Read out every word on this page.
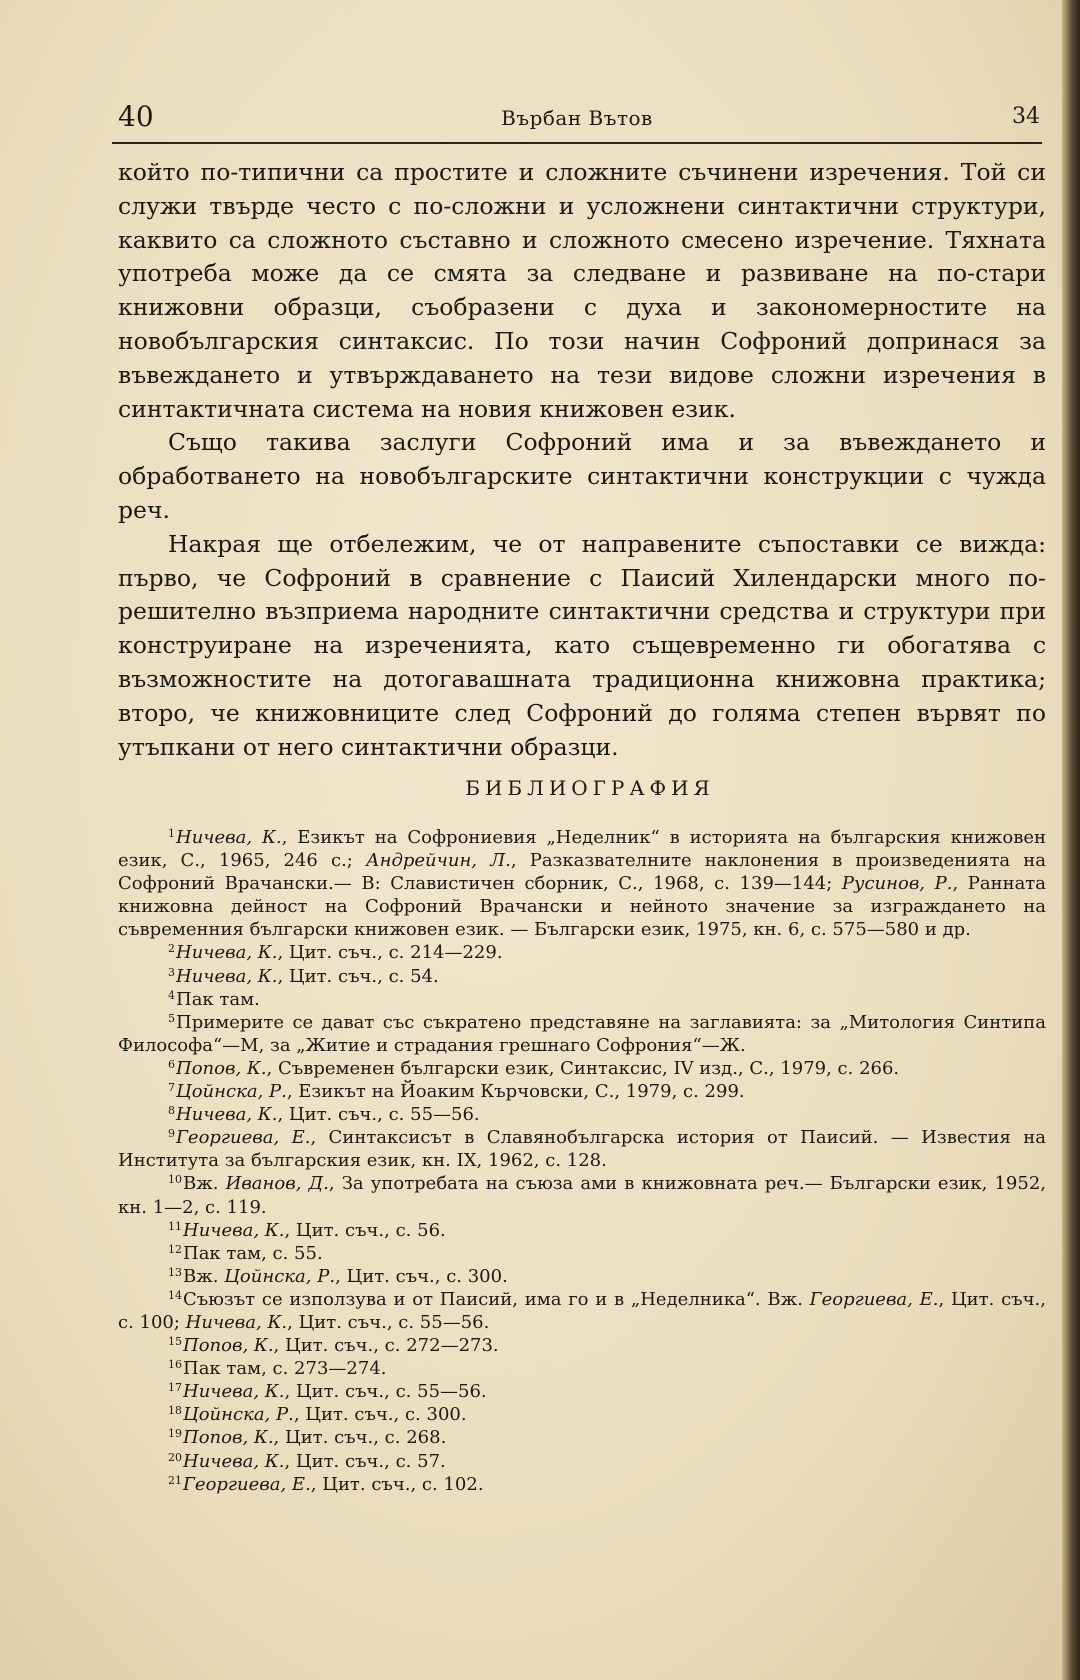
40	Върбан Вътов	34

който по-типични са простите и сложните съчинени изречения. Той си служи твърде често с по-сложни и усложнени синтактични структури, каквито са сложното съставно и сложното смесено изречение. Тяхната употреба може да се смята за следване и развиване на по-стари книжовни образци, съобразени с духа и закономерностите на новобългарския синтаксис. По този начин Софроний допринася за въвеждането и утвърждаването на тези видове сложни изречения в синтактичната система на новия книжовен език.

Също такива заслуги Софроний има и за въвеждането и обработването на новобългарските синтактични конструкции с чужда реч.

Накрая ще отбележим, че от направените съпоставки се вижда: първо, че Софроний в сравнение с Паисий Хилендарски много по-решително възприема народните синтактични средства и структури при конструиране на изреченията, като същевременно ги обогатява с възможностите на дотогавашната традиционна книжовна практика; второ, че книжовниците след Софроний до голяма степен вървят по утъпкани от него синтактични образци.

БИБЛИОГРАФИЯ

$^1$Ничева, К., Езикът на Софрониевия „Неделник“ в историята на българския книжовен език, С., 1965, 246 с.; Андрейчин, Л., Разказвателните наклонения в произведенията на Софроний Врачански.— В: Славистичен сборник, С., 1968, с. 139—144; Русинов, Р., Ранната книжовна дейност на Софроний Врачански и нейното значение за изграждането на съвременния български книжовен език. — Български език, 1975, кн. 6, с. 575—580 и др.

$^2$Ничева, К., Цит. съч., с. 214—229.

$^3$Ничева, К., Цит. съч., с. 54.

$^4$Пак там.

$^5$Примерите се дават със съкратено представяне на заглавията: за „Митология Синтипа Философа“—М, за „Житие и страдания грешнаго Софрония“—Ж.

$^6$Попов, К., Съвременен български език, Синтаксис, IV изд., С., 1979, с. 266.

$^7$Цойнска, Р., Езикът на Йоаким Кърчовски, С., 1979, с. 299.

$^8$Ничева, К., Цит. съч., с. 55—56.

$^9$Георгиева, Е., Синтаксисът в Славянобългарска история от Паисий. — Известия на Института за българския език, кн. IX, 1962, с. 128.

$^{10}$Вж. Иванов, Д., За употребата на съюза ами в книжовната реч.— Български език, 1952, кн. 1—2, с. 119.

$^{11}$Ничева, К., Цит. съч., с. 56.

$^{12}$Пак там, с. 55.

$^{13}$Вж. Цойнска, Р., Цит. съч., с. 300.

$^{14}$Съюзът се използува и от Паисий, има го и в „Неделника“. Вж. Георгиева, Е., Цит. съч., с. 100; Ничева, К., Цит. съч., с. 55—56.

$^{15}$Попов, К., Цит. съч., с. 272—273.

$^{16}$Пак там, с. 273—274.

$^{17}$Ничева, К., Цит. съч., с. 55—56.

$^{18}$Цойнска, Р., Цит. съч., с. 300.

$^{19}$Попов, К., Цит. съч., с. 268.

$^{20}$Ничева, К., Цит. съч., с. 57.

$^{21}$Георгиева, Е., Цит. съч., с. 102.
